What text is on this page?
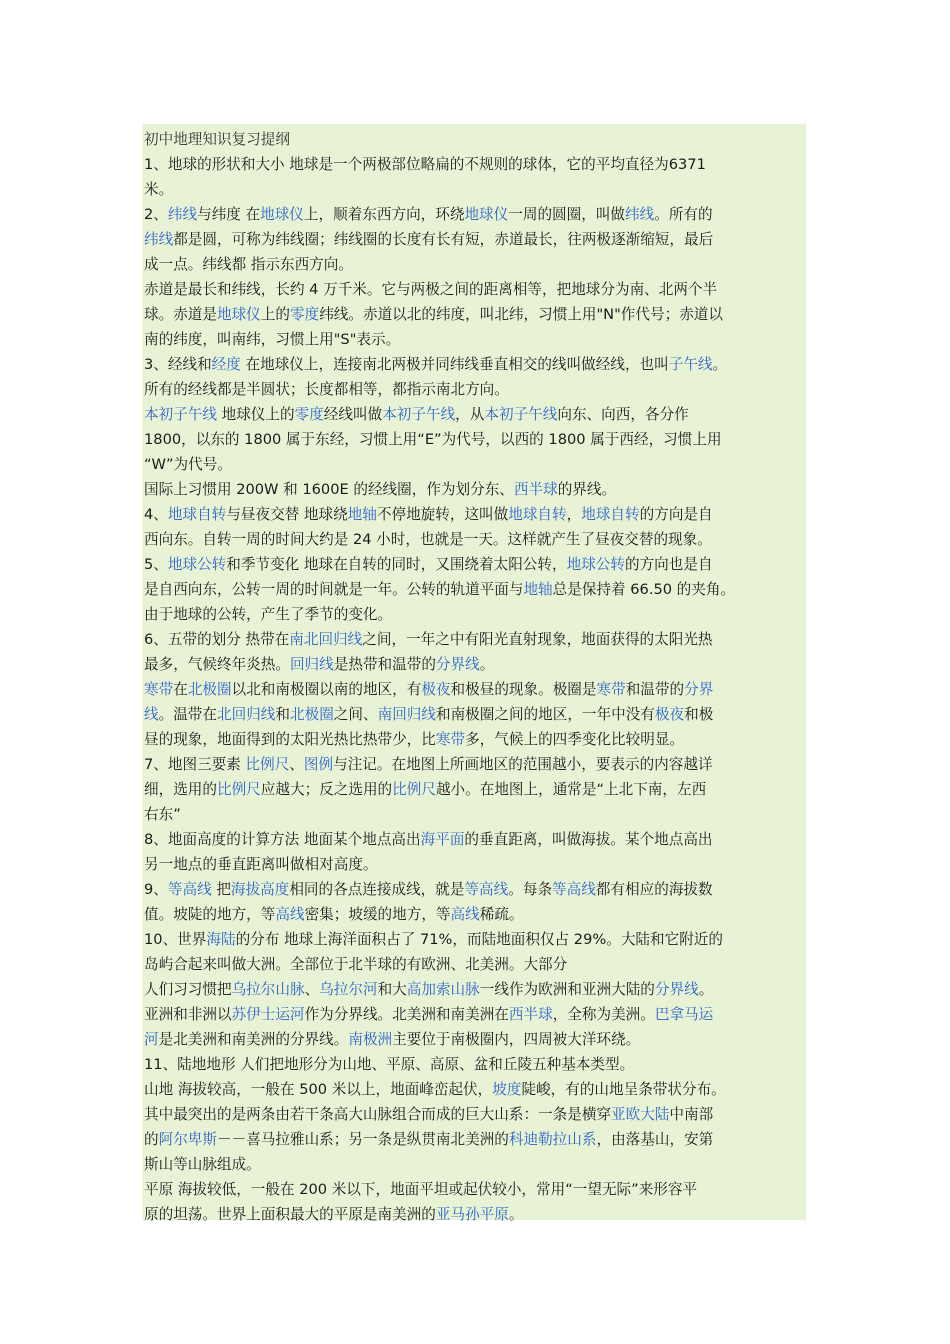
初中地理知识复习提纲

1、地球的形状和大小 地球是一个两极部位略扁的不规则的球体，它的平均直径为6371

米。

2、纬线与纬度 在地球仪上，顺着东西方向，环绕地球仪一周的圆圈，叫做纬线。所有的

纬线都是圆，可称为纬线圈；纬线圈的长度有长有短，赤道最长，往两极逐渐缩短，最后

成一点。纬线都 指示东西方向。

赤道是最长和纬线，长约 4 万千米。它与两极之间的距离相等，把地球分为南、北两个半

球。赤道是地球仪上的零度纬线。赤道以北的纬度，叫北纬，习惯上用"N"作代号；赤道以

南的纬度，叫南纬，习惯上用"S"表示。

3、经线和经度 在地球仪上，连接南北两极并同纬线垂直相交的线叫做经线，也叫子午线。

所有的经线都是半圆状；长度都相等，都指示南北方向。

本初子午线 地球仪上的零度经线叫做本初子午线，从本初子午线向东、向西，各分作

1800，以东的 1800 属于东经，习惯上用“E”为代号，以西的 1800 属于西经，习惯上用

“W”为代号。

国际上习惯用 200W 和 1600E 的经线圈，作为划分东、西半球的界线。

4、地球自转与昼夜交替 地球绕地轴不停地旋转，这叫做地球自转，地球自转的方向是自

西向东。自转一周的时间大约是 24 小时，也就是一天。这样就产生了昼夜交替的现象。

5、地球公转和季节变化 地球在自转的同时，又围绕着太阳公转，地球公转的方向也是自

是自西向东，公转一周的时间就是一年。公转的轨道平面与地轴总是保持着 66.50 的夹角。

由于地球的公转，产生了季节的变化。

6、五带的划分 热带在南北回归线之间，一年之中有阳光直射现象，地面获得的太阳光热

最多，气候终年炎热。回归线是热带和温带的分界线。

寒带在北极圈以北和南极圈以南的地区，有极夜和极昼的现象。极圈是寒带和温带的分界

线。温带在北回归线和北极圈之间、南回归线和南极圈之间的地区，一年中没有极夜和极

昼的现象，地面得到的太阳光热比热带少，比寒带多，气候上的四季变化比较明显。

7、地图三要素 比例尺、图例与注记。在地图上所画地区的范围越小，要表示的内容越详

细，选用的比例尺应越大；反之选用的比例尺越小。在地图上，通常是“上北下南，左西

右东”

8、地面高度的计算方法 地面某个地点高出海平面的垂直距离，叫做海拔。某个地点高出

另一地点的垂直距离叫做相对高度。

9、等高线 把海拔高度相同的各点连接成线，就是等高线。每条等高线都有相应的海拔数

值。坡陡的地方，等高线密集；坡缓的地方，等高线稀疏。

10、世界海陆的分布 地球上海洋面积占了 71%，而陆地面积仅占 29%。大陆和它附近的

岛屿合起来叫做大洲。全部位于北半球的有欧洲、北美洲。大部分

人们习习惯把乌拉尔山脉、乌拉尔河和大高加索山脉一线作为欧洲和亚洲大陆的分界线。

亚洲和非洲以苏伊士运河作为分界线。北美洲和南美洲在西半球，全称为美洲。巴拿马运

河是北美洲和南美洲的分界线。南极洲主要位于南极圈内，四周被大洋环绕。

11、陆地地形 人们把地形分为山地、平原、高原、盆和丘陵五种基本类型。

山地 海拔较高，一般在 500 米以上，地面峰峦起伏，坡度陡峻，有的山地呈条带状分布。

其中最突出的是两条由若干条高大山脉组合而成的巨大山系：一条是横穿亚欧大陆中南部

的阿尔卑斯－－喜马拉雅山系；另一条是纵贯南北美洲的科迪勒拉山系，由落基山，安第

斯山等山脉组成。

平原 海拔较低，一般在 200 米以下，地面平坦或起伏较小，常用“一望无际”来形容平

原的坦荡。世界上面积最大的平原是南美洲的亚马孙平原。
